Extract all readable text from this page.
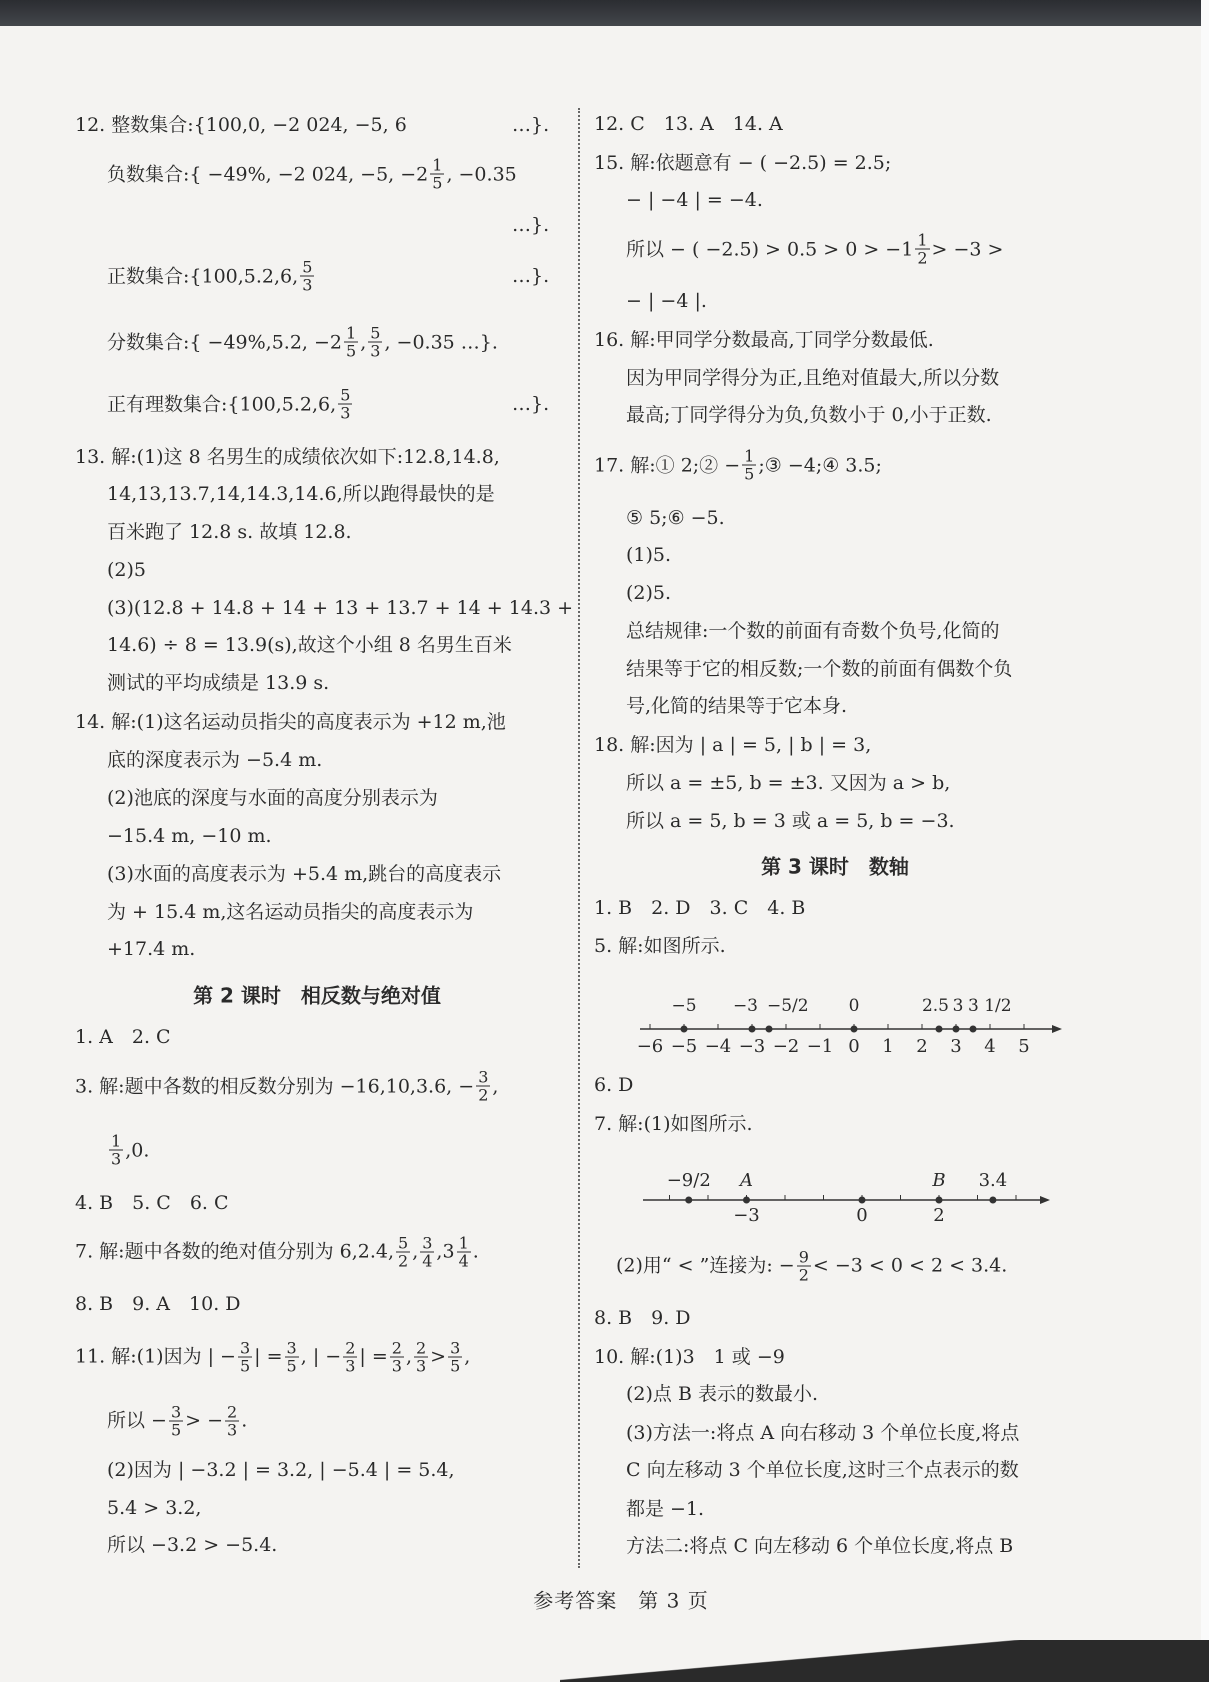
12. 整数集合:{100,0, −2 024, −5, 6	…}.
负数集合:{ −49%, −2 024, −5, $-2 \frac{1}{5}$ , −0.35
…}.
正数集合:{100,5.2,6, $\frac{5}{3}$	…}.
分数集合:{ −49%,5.2, $-2 \frac{1}{5}$ , $\frac{5}{3}$ , −0.35 …}.
正有理数集合:{100,5.2,6, $\frac{5}{3}$	…}.
13. 解:(1)这 8 名男生的成绩依次如下:12.8,14.8,
14,13,13.7,14,14.3,14.6,所以跑得最快的是
百米跑了 12.8 s. 故填 12.8.
(2)5
(3)(12.8 + 14.8 + 14 + 13 + 13.7 + 14 + 14.3 +
14.6) ÷ 8 = 13.9(s),故这个小组 8 名男生百米
测试的平均成绩是 13.9 s.
14. 解:(1)这名运动员指尖的高度表示为 +12 m,池
底的深度表示为 −5.4 m.
(2)池底的深度与水面的高度分别表示为
−15.4 m, −10 m.
(3)水面的高度表示为 +5.4 m,跳台的高度表示
为 + 15.4 m,这名运动员指尖的高度表示为
+17.4 m.
1. A　2. C
3. 解:题中各数的相反数分别为 −16,10,3.6, − $\frac{3}{2}$ ,
$\frac{1}{3} ,0$.
4. B　5. C　6. C
7. 解:题中各数的绝对值分别为 6,2.4, $\frac{5}{2}$ , $\frac{3}{4} ,3 \frac{1}{4}$ .
8. B　9. A　10. D
11. 解:(1)因为 | − $\frac{3}{5}$ | = $\frac{3}{5}$ , | − $\frac{2}{3}$ | = $\frac{2}{3}$ , $\frac{2}{3} > \frac{3}{5}$ ,
所以 − $\frac{3}{5}$ > − $\frac{2}{3}$ .
(2)因为 | −3.2 | = 3.2, | −5.4 | = 5.4,
5.4 > 3.2,
所以 −3.2 > −5.4.
12. C　13. A　14. A
15. 解:依题意有 − ( −2.5) = 2.5;
− | −4 | = −4.
所以 − ( $-2.5) > 0.5 > 0 > -1 \frac{1}{2} > -3$ >
− | −4 |.
16. 解:甲同学分数最高,丁同学分数最低.
因为甲同学得分为正,且绝对值最大,所以分数
最高;丁同学得分为负,负数小于 0,小于正数.
17. 解:① 2;② − $\frac{1}{5}$ ;③ −4;④ 3.5;
⑤ 5;⑥ −5.
(1)5.
(2)5.
总结规律:一个数的前面有奇数个负号,化简的
结果等于它的相反数;一个数的前面有偶数个负
号,化简的结果等于它本身.
18. 解:因为 | a | = 5, | b | = 3,
所以 a = ±5, b = ±3. 又因为 a > b,
所以 a = 5, b = 3 或 a = 5, b = −3.
1. B　2. D　3. C　4. B
5. 解:如图所示.
6. D
7. 解:(1)如图所示.
(2)用“ < ”连接为: − $\frac{9}{2} < -3 < 0 < 2 < 3.4$.
8. B　9. D
10. 解:(1)3　1 或 −9
(2)点 B 表示的数最小.
(3)方法一:将点 A 向右移动 3 个单位长度,将点
C 向左移动 3 个单位长度,这时三个点表示的数
都是 −1.
方法二:将点 C 向左移动 6 个单位长度,将点 B
第 2 课时　相反数与绝对值
第 3 课时　数轴
−6 −5 −4 −3 −2 −1 0 1 2 3 4 5
−5 −3 −5/2 0	2.5 3 3 1/2
−9/2 A
−3	0
B
2
3.4
参考答案　第 3 页
